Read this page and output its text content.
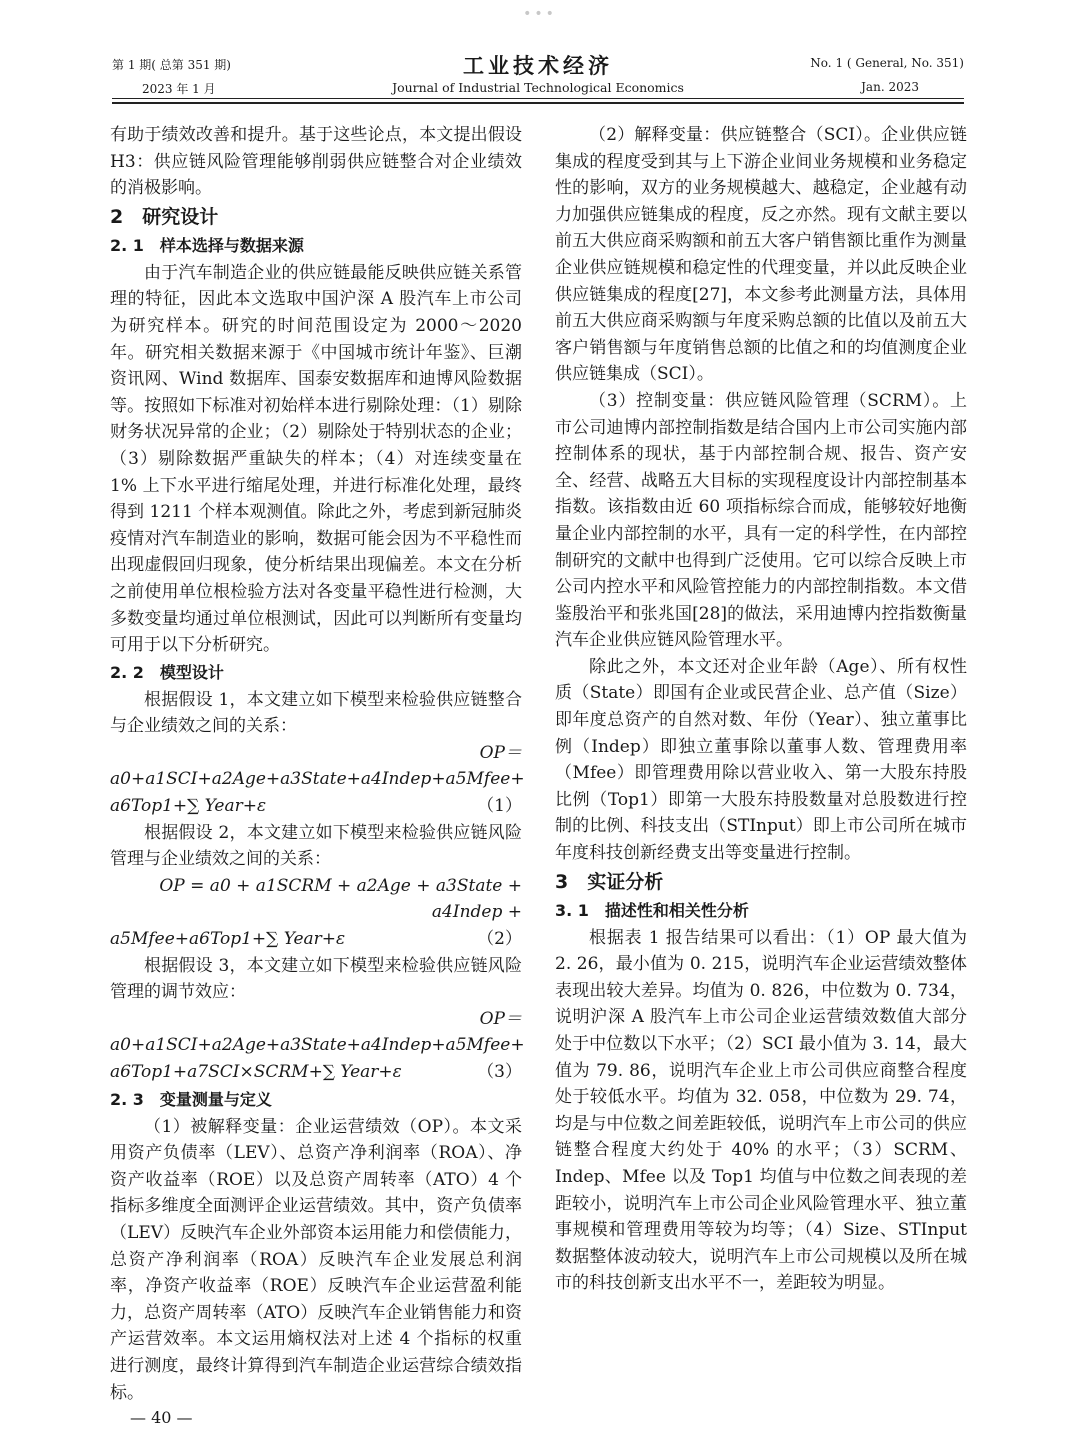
•••
第 1 期( 总第 351 期)
2023 年 1 月
工业技术经济
Journal of Industrial Technological Economics
No. 1 ( General, No. 351)
Jan. 2023

有助于绩效改善和提升。基于这些论点，本文提出假设 H3：供应链风险管理能够削弱供应链整合对企业绩效的消极影响。

2　研究设计

2. 1　样本选择与数据来源

由于汽车制造企业的供应链最能反映供应链关系管理的特征，因此本文选取中国沪深 A 股汽车上市公司为研究样本。研究的时间范围设定为 2000～2020 年。研究相关数据来源于《中国城市统计年鉴》、巨潮资讯网、Wind 数据库、国泰安数据库和迪博风险数据等。按照如下标准对初始样本进行剔除处理：（1）剔除财务状况异常的企业；（2）剔除处于特别状态的企业；（3）剔除数据严重缺失的样本；（4）对连续变量在 1% 上下水平进行缩尾处理，并进行标准化处理，最终得到 1211 个样本观测值。除此之外，考虑到新冠肺炎疫情对汽车制造业的影响，数据可能会因为不平稳性而出现虚假回归现象，使分析结果出现偏差。本文在分析之前使用单位根检验方法对各变量平稳性进行检测，大多数变量均通过单位根测试，因此可以判断所有变量均可用于以下分析研究。

2. 2　模型设计

根据假设 1，本文建立如下模型来检验供应链整合与企业绩效之间的关系：

OP＝a0+a1SCI+a2Age+a3State+a4Indep+a5Mfee+

a6Top1+∑ Year+ε	（1）

根据假设 2，本文建立如下模型来检验供应链风险管理与企业绩效之间的关系：

OP = a0 + a1SCRM + a2Age + a3State + a4Indep +

a5Mfee+a6Top1+∑ Year+ε	（2）

根据假设 3，本文建立如下模型来检验供应链风险管理的调节效应：

OP＝a0+a1SCI+a2Age+a3State+a4Indep+a5Mfee+

a6Top1+a7SCI×SCRM+∑ Year+ε	（3）

2. 3　变量测量与定义

（1）被解释变量：企业运营绩效（OP）。本文采用资产负债率（LEV）、总资产净利润率（ROA）、净资产收益率（ROE）以及总资产周转率（ATO）4 个指标多维度全面测评企业运营绩效。其中，资产负债率（LEV）反映汽车企业外部资本运用能力和偿债能力，总资产净利润率（ROA）反映汽车企业发展总利润率，净资产收益率（ROE）反映汽车企业运营盈利能力，总资产周转率（ATO）反映汽车企业销售能力和资产运营效率。本文运用熵权法对上述 4 个指标的权重进行测度，最终计算得到汽车制造企业运营综合绩效指标。

（2）解释变量：供应链整合（SCI）。企业供应链集成的程度受到其与上下游企业间业务规模和业务稳定性的影响，双方的业务规模越大、越稳定，企业越有动力加强供应链集成的程度，反之亦然。现有文献主要以前五大供应商采购额和前五大客户销售额比重作为测量企业供应链规模和稳定性的代理变量，并以此反映企业供应链集成的程度[27]，本文参考此测量方法，具体用前五大供应商采购额与年度采购总额的比值以及前五大客户销售额与年度销售总额的比值之和的均值测度企业供应链集成（SCI）。

（3）控制变量：供应链风险管理（SCRM）。上市公司迪博内部控制指数是结合国内上市公司实施内部控制体系的现状，基于内部控制合规、报告、资产安全、经营、战略五大目标的实现程度设计内部控制基本指数。该指数由近 60 项指标综合而成，能够较好地衡量企业内部控制的水平，具有一定的科学性，在内部控制研究的文献中也得到广泛使用。它可以综合反映上市公司内控水平和风险管控能力的内部控制指数。本文借鉴殷治平和张兆国[28]的做法，采用迪博内控指数衡量汽车企业供应链风险管理水平。

除此之外，本文还对企业年龄（Age）、所有权性质（State）即国有企业或民营企业、总产值（Size）即年度总资产的自然对数、年份（Year）、独立董事比例（Indep）即独立董事除以董事人数、管理费用率（Mfee）即管理费用除以营业收入、第一大股东持股比例（Top1）即第一大股东持股数量对总股数进行控制的比例、科技支出（STInput）即上市公司所在城市年度科技创新经费支出等变量进行控制。

3　实证分析

3. 1　描述性和相关性分析

根据表 1 报告结果可以看出：（1）OP 最大值为 2. 26，最小值为 0. 215，说明汽车企业运营绩效整体表现出较大差异。均值为 0. 826，中位数为 0. 734，说明沪深 A 股汽车上市公司企业运营绩效数值大部分处于中位数以下水平；（2）SCI 最小值为 3. 14，最大值为 79. 86，说明汽车企业上市公司供应商整合程度处于较低水平。均值为 32. 058，中位数为 29. 74，均是与中位数之间差距较低，说明汽车上市公司的供应链整合程度大约处于 40% 的水平；（3）SCRM、Indep、Mfee 以及 Top1 均值与中位数之间表现的差距较小，说明汽车上市公司企业风险管理水平、独立董事规模和管理费用等较为均等；（4）Size、STInput 数据整体波动较大，说明汽车上市公司规模以及所在城市的科技创新支出水平不一，差距较为明显。

— 40 —
